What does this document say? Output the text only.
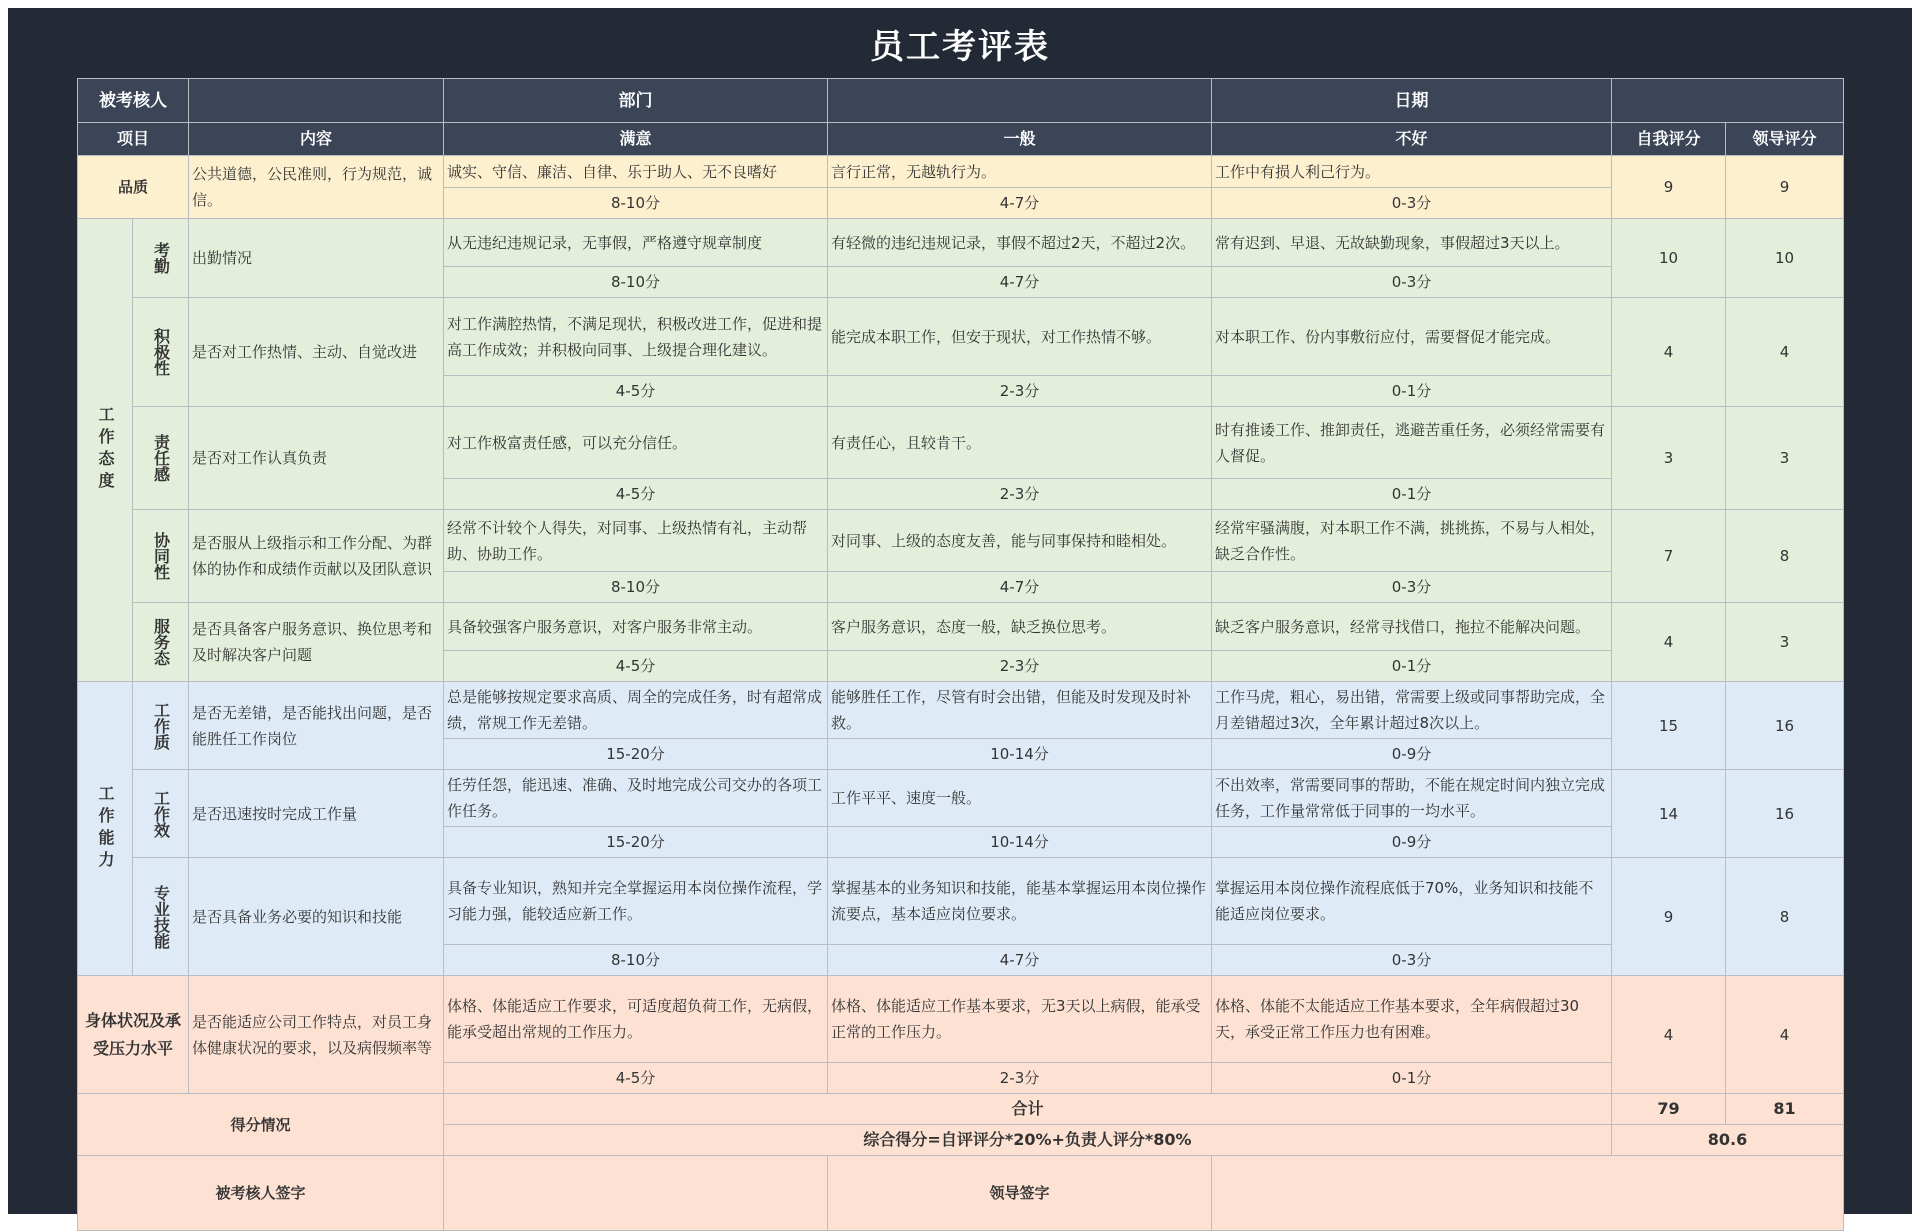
员工考评表
被考核人			部门		日期		
项目		内容	满意	一般	不好	自我评分	领导评分
品质		公共道德，公民准则，行为规范，诚信。	诚实、守信、廉洁、自律、乐于助人、无不良嗜好	言行正常，无越轨行为。	工作中有损人利己行为。	9	9
			8-10分	4-7分	0-3分		
工作态度	考勤	出勤情况	从无违纪违规记录，无事假，严格遵守规章制度	有轻微的违纪违规记录，事假不超过2天，不超过2次。	常有迟到、早退、无故缺勤现象，事假超过3天以上。	10	10
			8-10分	4-7分	0-3分		
	积极性	是否对工作热情、主动、自觉改进	对工作满腔热情，不满足现状，积极改进工作，促进和提高工作成效；并积极向同事、上级提合理化建议。	能完成本职工作，但安于现状，对工作热情不够。	对本职工作、份内事敷衍应付，需要督促才能完成。	4	4
			4-5分	2-3分	0-1分		
	责任感	是否对工作认真负责	对工作极富责任感，可以充分信任。	有责任心，且较肯干。	时有推诿工作、推卸责任，逃避苦重任务，必须经常需要有人督促。	3	3
			4-5分	2-3分	0-1分		
	协同性	是否服从上级指示和工作分配、为群体的协作和成绩作贡献以及团队意识	经常不计较个人得失，对同事、上级热情有礼，主动帮助、协助工作。	对同事、上级的态度友善，能与同事保持和睦相处。	经常牢骚满腹，对本职工作不满，挑挑拣，不易与人相处，缺乏合作性。	7	8
			8-10分	4-7分	0-3分		
	服务态	是否具备客户服务意识、换位思考和及时解决客户问题	具备较强客户服务意识，对客户服务非常主动。	客户服务意识，态度一般，缺乏换位思考。	缺乏客户服务意识，经常寻找借口，拖拉不能解决问题。	4	3
			4-5分	2-3分	0-1分		
工作能力	工作质	是否无差错，是否能找出问题，是否能胜任工作岗位	总是能够按规定要求高质、周全的完成任务，时有超常成绩，常规工作无差错。	能够胜任工作，尽管有时会出错，但能及时发现及时补救。	工作马虎，粗心，易出错，常需要上级或同事帮助完成，全月差错超过3次，全年累计超过8次以上。	15	16
			15-20分	10-14分	0-9分		
	工作效	是否迅速按时完成工作量	任劳任怨，能迅速、准确、及时地完成公司交办的各项工作任务。	工作平平、速度一般。	不出效率，常需要同事的帮助，不能在规定时间内独立完成任务，工作量常常低于同事的一均水平。	14	16
			15-20分	10-14分	0-9分		
	专业技能	是否具备业务必要的知识和技能	具备专业知识，熟知并完全掌握运用本岗位操作流程，学习能力强，能较适应新工作。	掌握基本的业务知识和技能，能基本掌握运用本岗位操作流要点，基本适应岗位要求。	掌握运用本岗位操作流程底低于70%，业务知识和技能不能适应岗位要求。	9	8
			8-10分	4-7分	0-3分		
身体状况及承受压力水平		是否能适应公司工作特点，对员工身体健康状况的要求，以及病假频率等	体格、体能适应工作要求，可适度超负荷工作，无病假，能承受超出常规的工作压力。	体格、体能适应工作基本要求，无3天以上病假，能承受正常的工作压力。	体格、体能不太能适应工作基本要求，全年病假超过30天，承受正常工作压力也有困难。	4	4
			4-5分	2-3分	0-1分		
得分情况			合计			79	81
			综合得分=自评评分*20%+负责人评分*80%			80.6	
被考核人签字				领导签字			
